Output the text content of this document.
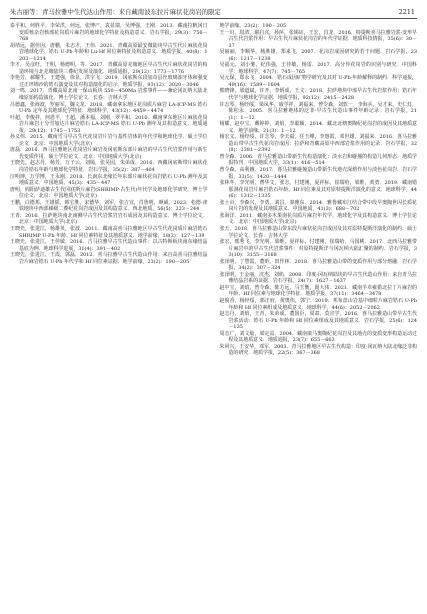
朱古丽等：青马拉雅中生代达山作用：来自藏南波东拉片麻状花岗岩的限定	2211

泰平和，何胜平，李荣洪，何远，张博产，袁显瑞，吴博强，王刚．2013．藏南拉帆冈日变质核杂岩核部花岗质片麻岩的地球化学特征及构造意义．岩石学报，29(3)：756－768

胡靖远，据佳因，唐鹏，朱志才，王伟．2021．青藏高原最安微陆块早古生代片麻状花岗岩地球化学、锆石 U-Pb 年龄和 Lu-Hf 同位素特征及构造意义．地质学报，40(8)：1203－1214

李才，吴彦旺，王明，杨德明，等．2017．青藏高原羌塘地区早古生代片麻状花岗岩的构造环境与北羌塘陆块三叠纪发展及演化．地质通报，29(12)：1773－1776

李艳芳，郝耀生，王建强，徐显，洪宇飞．2019．冈底斯东段加奇县丝玻璃油牙体和强变过正坪锦沙的锆石演变及其对构造演化的启示．地质学报，93(12)：3020－3046

刘一鸣．2017．青藏高原北南一保山板块 550－450Ma 岩浆事件——兼论冈瓦纳大陆北缘原始构造演化．博士学位论文．长春：吉林大学

吕德鑫，张海波，罗丽军，魏文龙．2018．藏南拿东地区花岗质片麻岩 LA-ICP-MS 锆石 U-Pb 定年及其地球化学特征．地球科学，43(12)：4459－4474

叶超，李俊祥，何恩平，王超，潘本福，刘刚，翠平和．2010．藏南拿东地区片麻状花岗岩片麻岩十分雪加达片麻岩锆石 LA-ICP-MS 锆石 U-Pb 测年及其构造意义．地质通报，29(12)：1745－1753

孙义伟．2015．藏南雪马早古生代花岗岩片岩与基性岩体的年代学和地球化学．硕士学位论文．北京：中国地质大学(北京)

唐磊．2016．西马拉雅地区花岗岩片麻岩及冈底斯东部片麻岩的早古生代岩浆作用与新生代变质作用．硕士学位论文．北京：中国地质大学(北京)

王晓先，赵志丹，杨芳，万子云，刘嫣，张昊园，朱弟成．2016．西藏冈底斯带片麻状花岗岩锆石年龄与地球化学特征．岩石学报，35(2)：387－404

汪明坤，万学博，王永刚．2018．长南东北缘长年东部片麻状花岗岩锆石 U-Pb 测年及其地质意义．中国地质，45(3)：435－447

唐明，阎阳萨迪雄古生代冈底斯片麻岩(SHRIMP-古生代)年代学及地球化学研究．博士学位论文．北京：中国地质大学(北京)

王鹏，白德邦，王雄韬，韩宝胜，宋德华，刘军，张吉宜，肖鲁明，颜威．2023．松德-津铁地块中西部梯级二叠纪花岗岩成因及其构造意义．西北地质，56(5)：223－244

王青．2016．拉萨地块南北南侧早古生代岩浆岩岩石成因及其构造意义．博士学位论文．北京：中国地质大学(北京)

王晓光，张进江，杨雄英，张波．2011．藏南高喜马拉雅地区早古生代花岗质片麻岩锆石 SHRIMP U-Pb 年龄、Hf 同位素特征及其地质意义．地学前缘，18(2)：127－139

王晓光，张进江，王佳敏．2016．吉马拉雅早古生代造山事件：以古特斯板块南东缘结晶基底为例．地球科学进展，31(4)：391－402

王晓先，张进江，王霞，郭磊．2012．喜马拉雅早古生代造山作用：来自高喜马拉雅结晶岩片麻岩锆石 U-Pb 年代学和 Hf 同位素证据．地学前缘，23(2)：190－205

地学前缘，23(2)：190－205

王一川，周清，谢启兴，孙萍，张锡证，王宏，肖龙．2016．特提斯喜马拉雅岩浆-变形早古生代岩浆作用：早古生代片麻状花岗岩的年代学证据．地质科技情报，35(6)：30－37

吴丽丽，李顺华，杨胜雄，郑来飞．2007．花岗岩成因研究的若干问题．岩石学报，23(6)：1217－1238

吴福元，刘小驰，纪伟强，王佳敏，杨雷．2017．高分异花岗岩的识别与研究．中国科学：地球科学，47(7)：745－765

吴元保，郑永飞．2004．锆石成因矿物学研究及其对 U-Pb 年龄解释的制约．科学通报，49(16)：1589－1604

熊晓锋，梁道斌，许开，李炳成，王文．2018．拉萨地块中部早古生代岩浆作用：锆石年代学与地球化学证据．地质学报，92(12)：2415－2428

许志琴，杨经绥，梁凤华，戚学祥，刘福来，曾令森，刘敦一，李海兵，吴才来，史仁灯，陈松永．2005．喜马拉雅地体的泛非-早古生代造山事件年龄记录．岩石学报，21(1)：1－12

杨耀，赵中宝，戴婷婷，刘焰，李聪颖．2014．藏北北塘奥陶纪花岗岩的成因及其地质意义．地学前缘，21(3)：1－12

杨宏义，杨经绥，许志琴，李天福，任玉峰，李惠霞，邓世雄，刘福来．2016．喜马拉雅造山带早古生代花岗岩成因：拉萨和青藏高原中西部岩浆作用的记录．岩石学报，32(8)：2381－2392

曾令森．2006．青马拉雅造山带新生代构造演化：淡水岩和碰撞的构造几何形态．地质学报特刊．中国地质大学，33(1)：416－514

曾令森，高利娥．2017．喜马拉雅碰撞造山带新生代地壳深熔作用与淡色花岗岩．岩石学报，33(5)：1420－1444

张林冬，李光明，曹华文，张志，付建刚，夏祥标，崔瑞哈，梁维，黄勇．2019．藏南错那洞花岗岩片麻岩锆石年龄、Hf 同位素及其对原特提斯洋演化的意义．地球科学，44(6)：1312－1335

张士贞，李森兴，李勇，刘昌，秦雅东．2014．雅鲁藏布江结合带中段早奥陶世闪长质花岗片岩的发现及其地质意义．中国地质，41(3)：688－702

张海洋．2011．藏南多木果南花岗质片麻岩年代学、地球化学及其构造意义．博士学位论文．北京：中国地质大学(北京)

张天．2018．喜马拉雅造山带东段片麻状花岗岩成因及其对原特提斯洋演化的制约．硕士学位论文．长春：吉林大学

张宏，邢秀飞，李光明，梁维，夏祥标，付建刚，崔瑞哈，马国桃．2017．北西马拉雅带片麻岩中的早古生代岩浆事件：对原特提斯洋与冈瓦纳大陆汇聚的制约．岩石学报，33(10)：3155－3168

张泽明，丁慧霞，董昕，田作林．2018．喜马拉雅造山带的变质作用与部分熔融．岩石学报，34(2)：307－324

张泽明，王金丽，沈杰，刘焰．2008．印度-冈瓦纳陆块的早古生代造山作用：来自青马拉雅结晶岩系的证据．岩石学报，24(7)：1627－1637

赵中宝，刘焰，曾令森，陈方远，马玉衡，阎大伟．2021．藏南羊卓雍错北拉丁片麻岩的年龄、Hf 同位素与地球化学特征．地质学报，37(11)：3464－3478

赵俊香，杨经绥，郭正府，黄奥伟，郭宁．2019．邦布盘山岩基中细粒片麻岩锆石 U-Pb 年龄和 Hf 同位素组成及地质意义．地球科学，44(6)：2052－2062

赵志丹，刘焰，王青，朱弟成，董国臣，周肃，莫宣学，2016．喜马拉雅造山带早古生代岩浆活动：锆石 U-Pb 年龄和 Hf 同位素组成及其地质意义．岩石学报，25(6)：124－135

周志广，刘文灿，梁定益．2004．藏南康马奥陶纪花岗岩及其地壳的变质变形构造运动过程及其地质意义．地质通报，23(7)：655－663

朱同兴，王安华，邓军．2003．青马拉雅地区早古生代构造：印度-冈瓦纳大陆北缘泛非构造的研究．地质学报，22(5)：367－368
